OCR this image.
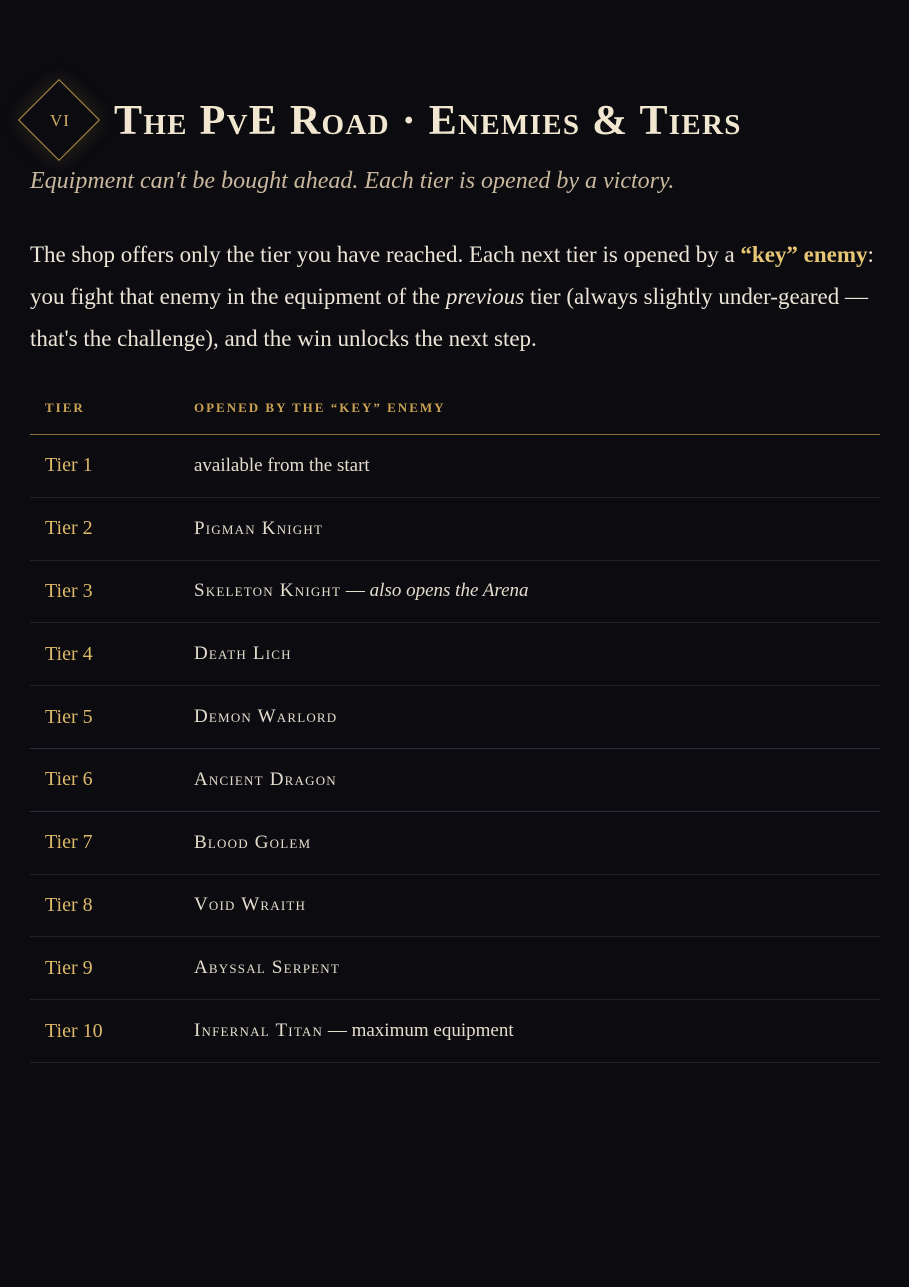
VI	The PvE Road · Enemies & Tiers

Equipment can't be bought ahead. Each tier is opened by a victory.

The shop offers only the tier you have reached. Each next tier is opened by a “key” enemy: you fight that enemy in the equipment of the previous tier (always slightly under-geared — that's the challenge), and the win unlocks the next step.

TIER	OPENED BY THE “KEY” ENEMY
Tier 1	available from the start
Tier 2	Pigman Knight
Tier 3	Skeleton Knight — also opens the Arena
Tier 4	Death Lich
Tier 5	Demon Warlord
Tier 6	Ancient Dragon
Tier 7	Blood Golem
Tier 8	Void Wraith
Tier 9	Abyssal Serpent
Tier 10	Infernal Titan — maximum equipment
